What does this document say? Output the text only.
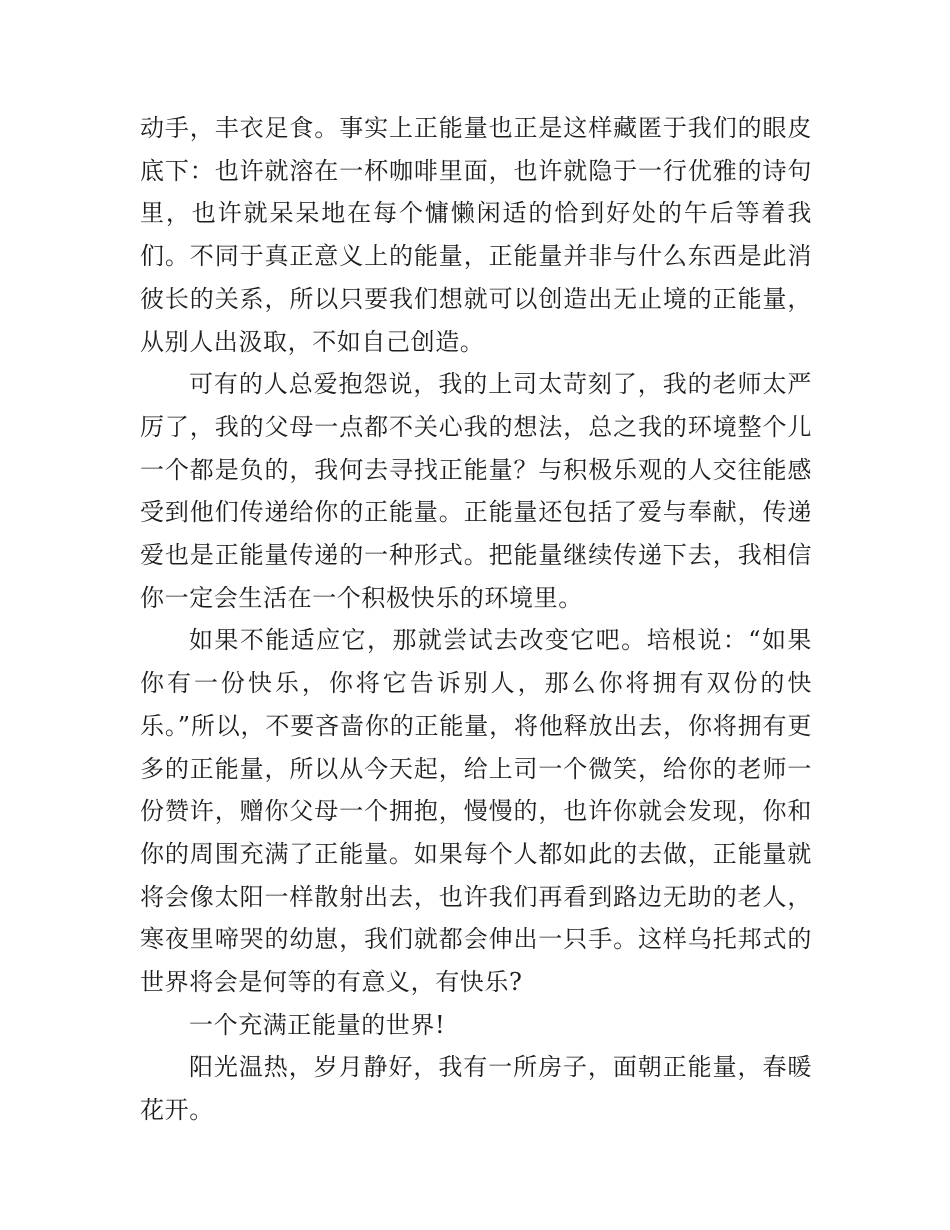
动手，丰衣足食。事实上正能量也正是这样藏匿于我们的眼皮底下：也许就溶在一杯咖啡里面，也许就隐于一行优雅的诗句里，也许就呆呆地在每个慵懒闲适的恰到好处的午后等着我们。不同于真正意义上的能量，正能量并非与什么东西是此消彼长的关系，所以只要我们想就可以创造出无止境的正能量，从别人出汲取，不如自己创造。

可有的人总爱抱怨说，我的上司太苛刻了，我的老师太严厉了，我的父母一点都不关心我的想法，总之我的环境整个儿一个都是负的，我何去寻找正能量？与积极乐观的人交往能感受到他们传递给你的正能量。正能量还包括了爱与奉献，传递爱也是正能量传递的一种形式。把能量继续传递下去，我相信你一定会生活在一个积极快乐的环境里。

如果不能适应它，那就尝试去改变它吧。培根说：“如果你有一份快乐，你将它告诉别人，那么你将拥有双份的快乐。”所以，不要吝啬你的正能量，将他释放出去，你将拥有更多的正能量，所以从今天起，给上司一个微笑，给你的老师一份赞许，赠你父母一个拥抱，慢慢的，也许你就会发现，你和你的周围充满了正能量。如果每个人都如此的去做，正能量就将会像太阳一样散射出去，也许我们再看到路边无助的老人，寒夜里啼哭的幼崽，我们就都会伸出一只手。这样乌托邦式的世界将会是何等的有意义，有快乐?

一个充满正能量的世界!

阳光温热，岁月静好，我有一所房子，面朝正能量，春暖花开。
